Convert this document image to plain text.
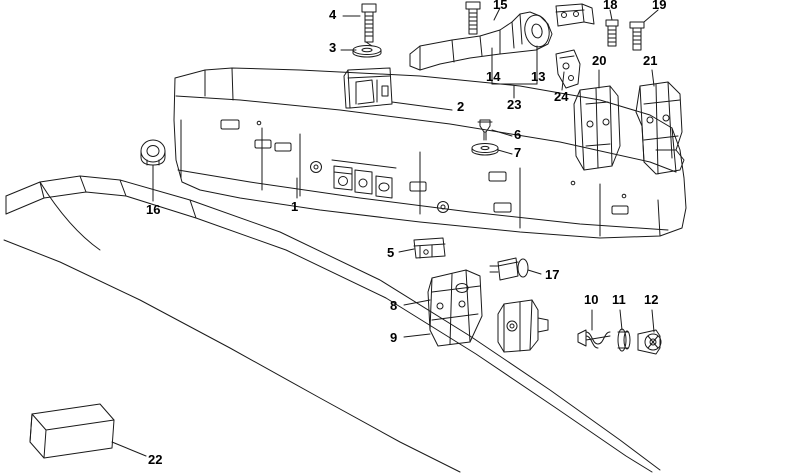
1
2
3
4
5
6
7
8
9
10 11 12
13
14
15
16
17
18	19
20	21
22
23
24
